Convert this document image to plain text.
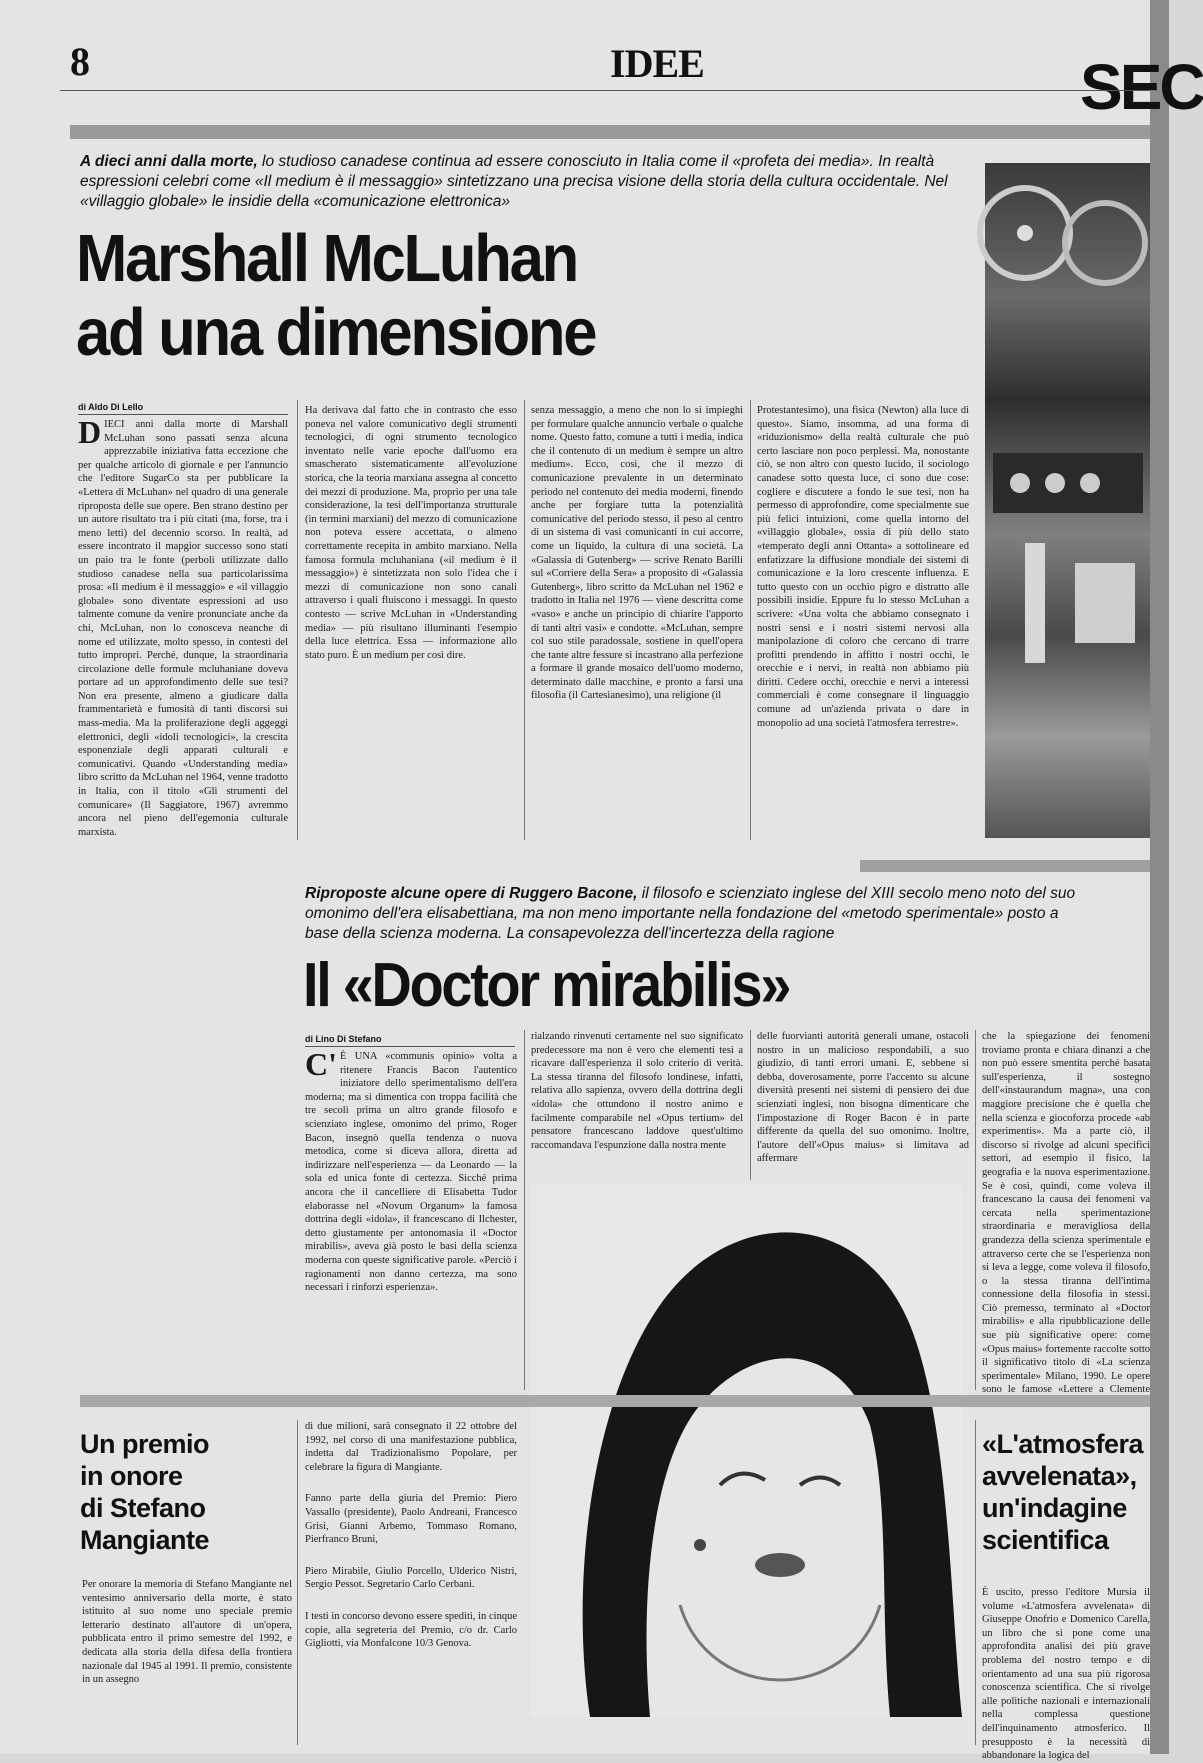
8	IDEE	SEC
A dieci anni dalla morte, lo studioso canadese continua ad essere conosciuto in Italia come il «profeta dei media». In realtà espressioni celebri come «Il medium è il messaggio» sintetizzano una precisa visione della storia della cultura occidentale. Nel «villaggio globale» le insidie della «comunicazione elettronica»
Marshall McLuhan
ad una dimensione
di Aldo Di Lello
DIECI anni dalla morte di Marshall McLuhan sono passati senza alcuna apprezzabile iniziativa fatta eccezione che per qualche articolo di giornale e per l'annuncio che l'editore SugarCo sta per pubblicare la «Lettera di McLuhan» nel quadro di una generale riproposta delle sue opere. Ben strano destino per un autore risultato tra i più citati (ma, forse, tra i meno letti) del decennio scorso. In realtà, ad essere incontrato il mapgior successo sono stati un paio tra le fonte (perboli utilizzate dallo studioso canadese nella sua particolarissima prosa: «Il medium è il messaggio» e «il villaggio globale» sono diventate espressioni ad uso talmente comune da venire pronunciate anche da chi, McLuhan, non lo conosceva neanche di nome ed utilizzate, molto spesso, in contesti del tutto impropri. Perché, dunque, la straordinaria circolazione delle formule mcluhaniane doveva portare ad un approfondimento delle sue tesi? Non era presente, almeno a giudicare dalla frammentarietà e fumosità di tanti discorsi sui mass-media. Ma la proliferazione degli aggeggi elettronici, degli «idoli tecnologici», la crescita esponenziale degli apparati culturali e comunicativi. Quando «Understanding media» libro scritto da McLuhan nel 1964, venne tradotto in Italia, con il titolo «Gli strumenti del comunicare» (Il Saggiatore, 1967) avremmo ancora nel pieno dell'egemonia culturale marxista.
Ha derivava dal fatto che in contrasto che esso poneva nel valore comunicativo degli strumenti tecnologici, di ogni strumento tecnologico inventato nelle varie epoche dall'uomo era smascherato sistematicamente all'evoluzione storica, che la teoria marxiana assegna al concetto dei mezzi di produzione. Ma, proprio per una tale considerazione, la tesi dell'importanza strutturale (in termini marxiani) del mezzo di comunicazione non poteva essere accettata, o almeno correttamente recepita in ambito marxiano. Nella famosa formula mcluhaniana («il medium è il messaggio») è sintetizzata non solo l'idea che i mezzi di comunicazione non sono canali attraverso i quali fluiscono i messaggi. In questo contesto — scrive McLuhan in «Understanding media» — più risultano illuminanti l'esempio della luce elettrica. Essa — informazione allo stato puro. È un medium per così dire.
senza messaggio, a meno che non lo si impieghi per formulare qualche annuncio verbale o qualche nome. Questo fatto, comune a tutti i media, indica che il contenuto di un medium è sempre un altro medium». Ecco, così, che il mezzo di comunicazione prevalente in un determinato periodo nel contenuto dei media moderni, finendo anche per forgiare tutta la potenzialità comunicative del periodo stesso, il peso al centro di un sistema di vasi comunicanti in cui accorre, come un liquido, la cultura di una società. La «Galassia di Gutenberg» — scrive Renato Barilli sul «Corriere della Sera» a proposito di «Galassia Gutenberg», libro scritto da McLuhan nel 1962 e tradotto in Italia nel 1976 — viene descritta come «vaso» e anche un principio di chiarire l'apporto di tanti altri vasi» e condotte. «McLuhan, sempre col suo stile paradossale, sostiene in quell'opera che tante altre fessure si incastrano alla perfezione a formare il grande mosaico dell'uomo moderno, determinato dalle macchine, e pronto a farsi una filosofia (il Cartesianesimo), una religione (il
Protestantesimo), una fisica (Newton) alla luce di questo». Siamo, insomma, ad una forma di «riduzionismo» della realtà culturale che può certo lasciare non poco perplessi. Ma, nonostante ciò, se non altro con questo lucido, il sociologo canadese sotto questa luce, ci sono due cose: cogliere e discutere a fondo le sue tesi, non ha permesso di approfondire, come specialmente sue più felici intuizioni, come quella intorno del «villaggio globale», ossia di più dello stato «temperato degli anni Ottanta» a sottolineare ed enfatizzare la diffusione mondiale dei sistemi di comunicazione e la loro crescente influenza. E tutto questo con un occhio pigro e distratto alle possibili insidie. Eppure fu lo stesso McLuhan a scrivere: «Una volta che abbiamo consegnato i nostri sensi e i nostri sistemi nervosi alla manipolazione di coloro che cercano di trarre profitti prendendo in affitto i nostri occhi, le orecchie e i nervi, in realtà non abbiamo più diritti. Cedere occhi, orecchie e nervi a interessi commerciali è come consegnare il linguaggio comune ad un'azienda privata o dare in monopolio ad una società l'atmosfera terrestre».
Riproposte alcune opere di Ruggero Bacone, il filosofo e scienziato inglese del XIII secolo meno noto del suo omonimo dell'era elisabettiana, ma non meno importante nella fondazione del «metodo sperimentale» posto a base della scienza moderna. La consapevolezza dell'incertezza della ragione
Il «Doctor mirabilis»
di Lino Di Stefano
C'È UNA «communis opinio» volta a ritenere Francis Bacon l'autentico iniziatore dello sperimentalismo dell'era moderna; ma si dimentica con troppa facilità che tre secoli prima un altro grande filosofo e scienziato inglese, omonimo del primo, Roger Bacon, insegnò quella tendenza o nuova metodica, come si diceva allora, diretta ad indirizzare nell'esperienza — da Leonardo — la sola ed unica fonte di certezza. Sicché prima ancora che il cancelliere di Elisabetta Tudor elaborasse nel «Novum Organum» la famosa dottrina degli «idola», il francescano di Ilchester, detto giustamente per antonomasia il «Doctor mirabilis», aveva già posto le basi della scienza moderna con queste significative parole. «Perciò i ragionamenti non danno certezza, ma sono necessari i rinforzi esperienza».
rialzando rinvenuti certamente nel suo significato predecessore ma non è vero che elementi tesi a ricavare dall'esperienza il solo criterio di verità. La stessa tiranna del filosofo londinese, infatti, relativa allo sapienza, ovvero della dottrina degli «idola» che ottundono il nostro animo e facilmente comparabile nel «Opus tertium» del pensatore francescano laddove quest'ultimo raccomandava l'espunzione dalla nostra mente
delle fuorvianti autorità generali umane, ostacoli nostro in un malicioso respondabili, a suo giudizio, di tanti errori umani. E, sebbene si debba, doverosamente, porre l'accento su alcune diversità presenti nei sistemi di pensiero dei due scienziati inglesi, non bisogna dimenticare che l'impostazione di Roger Bacon è in parte differente da quella del suo omonimo. Inoltre, l'autore dell'«Opus maius» si limitava ad affermare
che la spiegazione dei fenomeni troviamo pronta e chiara dinanzi a che non può essere smentita perché basata sull'esperienza, il sostegno dell'«instaurandum magna», una con maggiore precisione che è quella che nella scienza e giocoforza procede «ab experimentis». Ma a parte ciò, il discorso si rivolge ad alcuni specifici settori, ad esempio il fisico, la geografia e la nuova esperimentazione. Se è così, quindi, come voleva il francescano la causa dei fenomeni va cercata nella sperimentazione straordinaria e meravigliosa della grandezza della scienza sperimentale e attraverso certe che se l'esperienza non si leva a legge, come voleva il filosofo, o la stessa tiranna dell'intima connessione della filosofia in stessi. Ciò premesso, terminato al «Doctor mirabilis» e alla ripubblicazione delle sue più significative opere: come «Opus maius» fortemente raccolte sotto il significativo titolo di «La scienza sperimentale» Milano, 1990. Le opere sono le famose «Lettere a Clemente
Un premio
in onore
di Stefano
Mangiante
Per onorare la memoria di Stefano Mangiante nel ventesimo anniversario della morte, è stato istituito al suo nome uno speciale premio letterario destinato all'autore di un'opera, pubblicata entro il primo semestre del 1992, e dedicata alla storia della difesa della frontiera nazionale dal 1945 al 1991. Il premio, consistente in un assegno

di due milioni, sarà consegnato il 22 ottobre del 1992, nel corso di una manifestazione pubblica, indetta dal Tradizionalismo Popolare, per celebrare la figura di Mangiante.

Fanno parte della giuria del Premio: Piero Vassallo (presidente), Paolo Andreani, Francesco Grisi, Gianni Arbemo, Tommaso Romano, Pierfranco Bruni,

Piero Mirabile, Giulio Porcello, Ulderico Nistri, Sergio Pessot. Segretario Carlo Cerbani.

I testi in concorso devono essere spediti, in cinque copie, alla segreteria del Premio, c/o dr. Carlo Gigliotti, via Monfalcone 10/3 Genova.

«L'atmosfera
avvelenata»,
un'indagine
scientifica
È uscito, presso l'editore Mursia il volume «L'atmosfera avvelenata» di Giuseppe Onofrio e Domenico Carella, un libro che si pone come una approfondita analisi dei più grave problema del nostro tempo e di orientamento ad una sua più rigorosa conoscenza scientifica. Che si rivolge alle politiche nazionali e internazionali nella complessa questione dell'inquinamento atmosferico. Il presupposto è la necessità di abbandonare la logica del
